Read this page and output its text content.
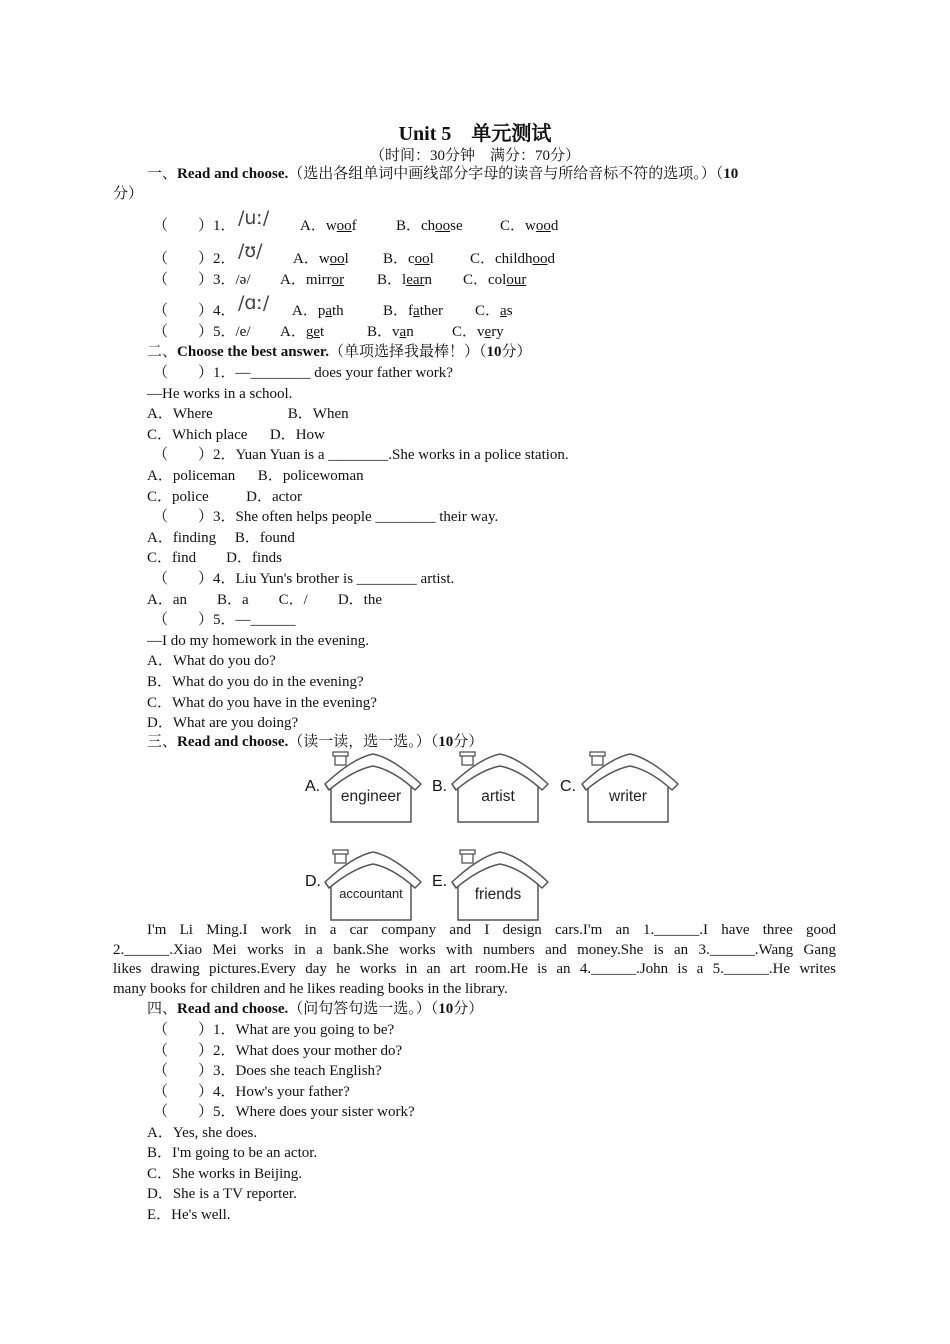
Unit 5　单元测试
（时间：30分钟　满分：70分）
一、Read and choose.（选出各组单词中画线部分字母的读音与所给音标不符的选项。）（10
分）
（　　）1． /uː/ A．woof	B．choose C．wood
（　　）2． /ʊ/ A．wool B．cool C．childhood
（　　）3．/ə/ A．mirror B．learn C．colour
（　　）4． /ɑː/ A．path	B．father C．as
（　　）5．/e/ A．get	B．van	C．very
二、Choose the best answer.（单项选择我最棒！）（10分）
（　　）1．—________ does your father work?
—He works in a school.
A．Where　　　　　B．When
C．Which place　  D．How
（　　）2．Yuan Yuan is a ________.She works in a police station.
A．policeman　  B．policewoman
C．police　　  D．actor
（　　）3．She often helps people ________ their way.
A．finding　 B．found
C．find　　D．finds
（　　）4．Liu Yun's brother is ________ artist.
A．an　　B．a　　C．/　　D．the
（　　）5．—______
—I do my homework in the evening.
A．What do you do?
B．What do you do in the evening?
C．What do you have in the evening?
D．What are you doing?
三、Read and choose.（读一读，选一选。）（10分）
A.
engineer
B.
artist
C.
writer
D.
accountant
E.
friends
I'm Li Ming.I work in a car company and I design cars.I'm an 1.______.I have three good
2.______.Xiao Mei works in a bank.She works with numbers and money.She is an 3.______.Wang Gang
likes drawing pictures.Every day he works in an art room.He is an 4.______.John is a 5.______.He writes
many books for children and he likes reading books in the library.
四、Read and choose.（问句答句选一选。）（10分）
（　　）1．What are you going to be?
（　　）2．What does your mother do?
（　　）3．Does she teach English?
（　　）4．How's your father?
（　　）5．Where does your sister work?
A．Yes, she does.
B．I'm going to be an actor.
C．She works in Beijing.
D．She is a TV reporter.
E．He's well.
